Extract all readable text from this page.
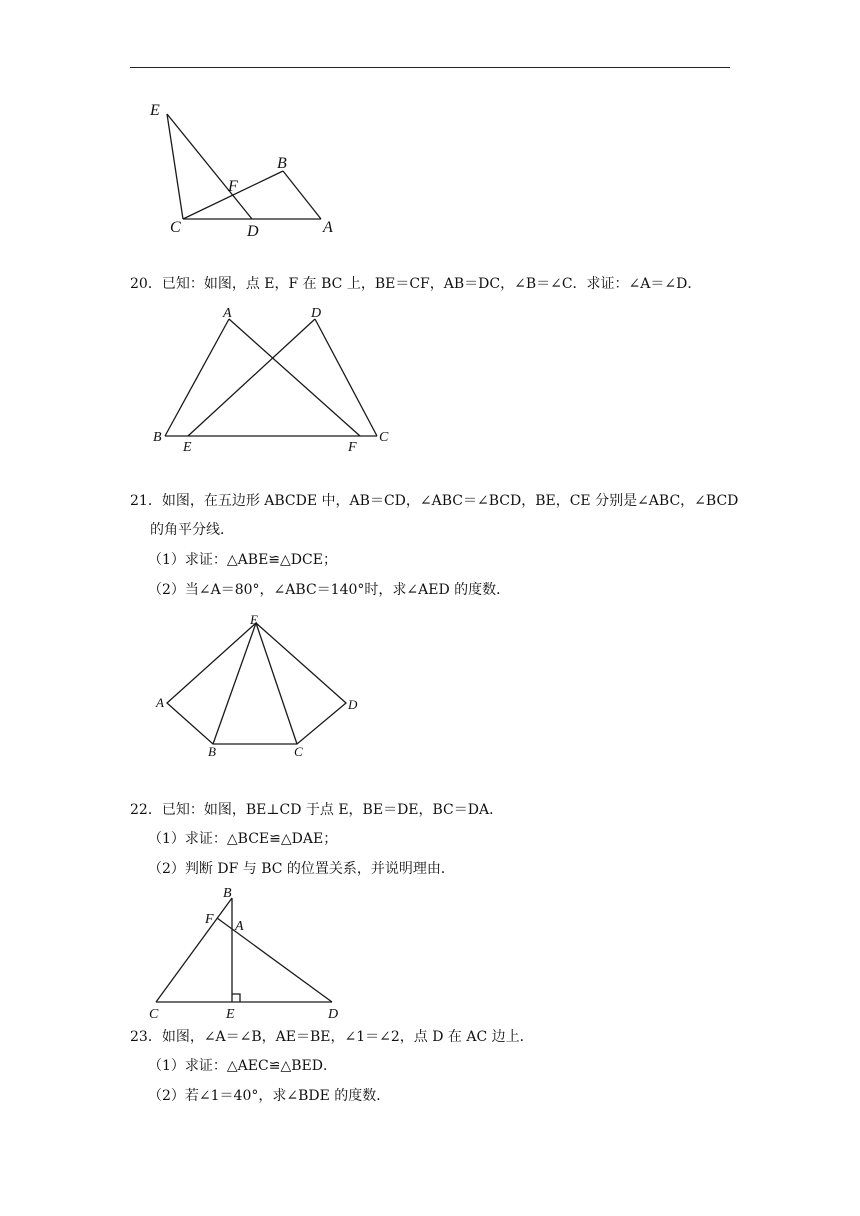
E
B
F
C	D	A
20．已知：如图，点 E，F 在 BC 上，BE＝CF，AB＝DC，∠B＝∠C．求证：∠A＝∠D．
A	D
B
E	F
C
21．如图，在五边形 ABCDE 中，AB＝CD，∠ABC＝∠BCD，BE，CE 分别是∠ABC，∠BCD
的角平分线．
（1）求证：△ABE≌△DCE；
（2）当∠A＝80°，∠ABC＝140°时，求∠AED 的度数．
E
A	D
B	C
22．已知：如图，BE⊥CD 于点 E，BE＝DE，BC＝DA．
（1）求证：△BCE≌△DAE；
（2）判断 DF 与 BC 的位置关系，并说明理由．
B
F A
C	E	D
23．如图，∠A＝∠B，AE＝BE，∠1＝∠2，点 D 在 AC 边上．
（1）求证：△AEC≌△BED．
（2）若∠1＝40°，求∠BDE 的度数．
